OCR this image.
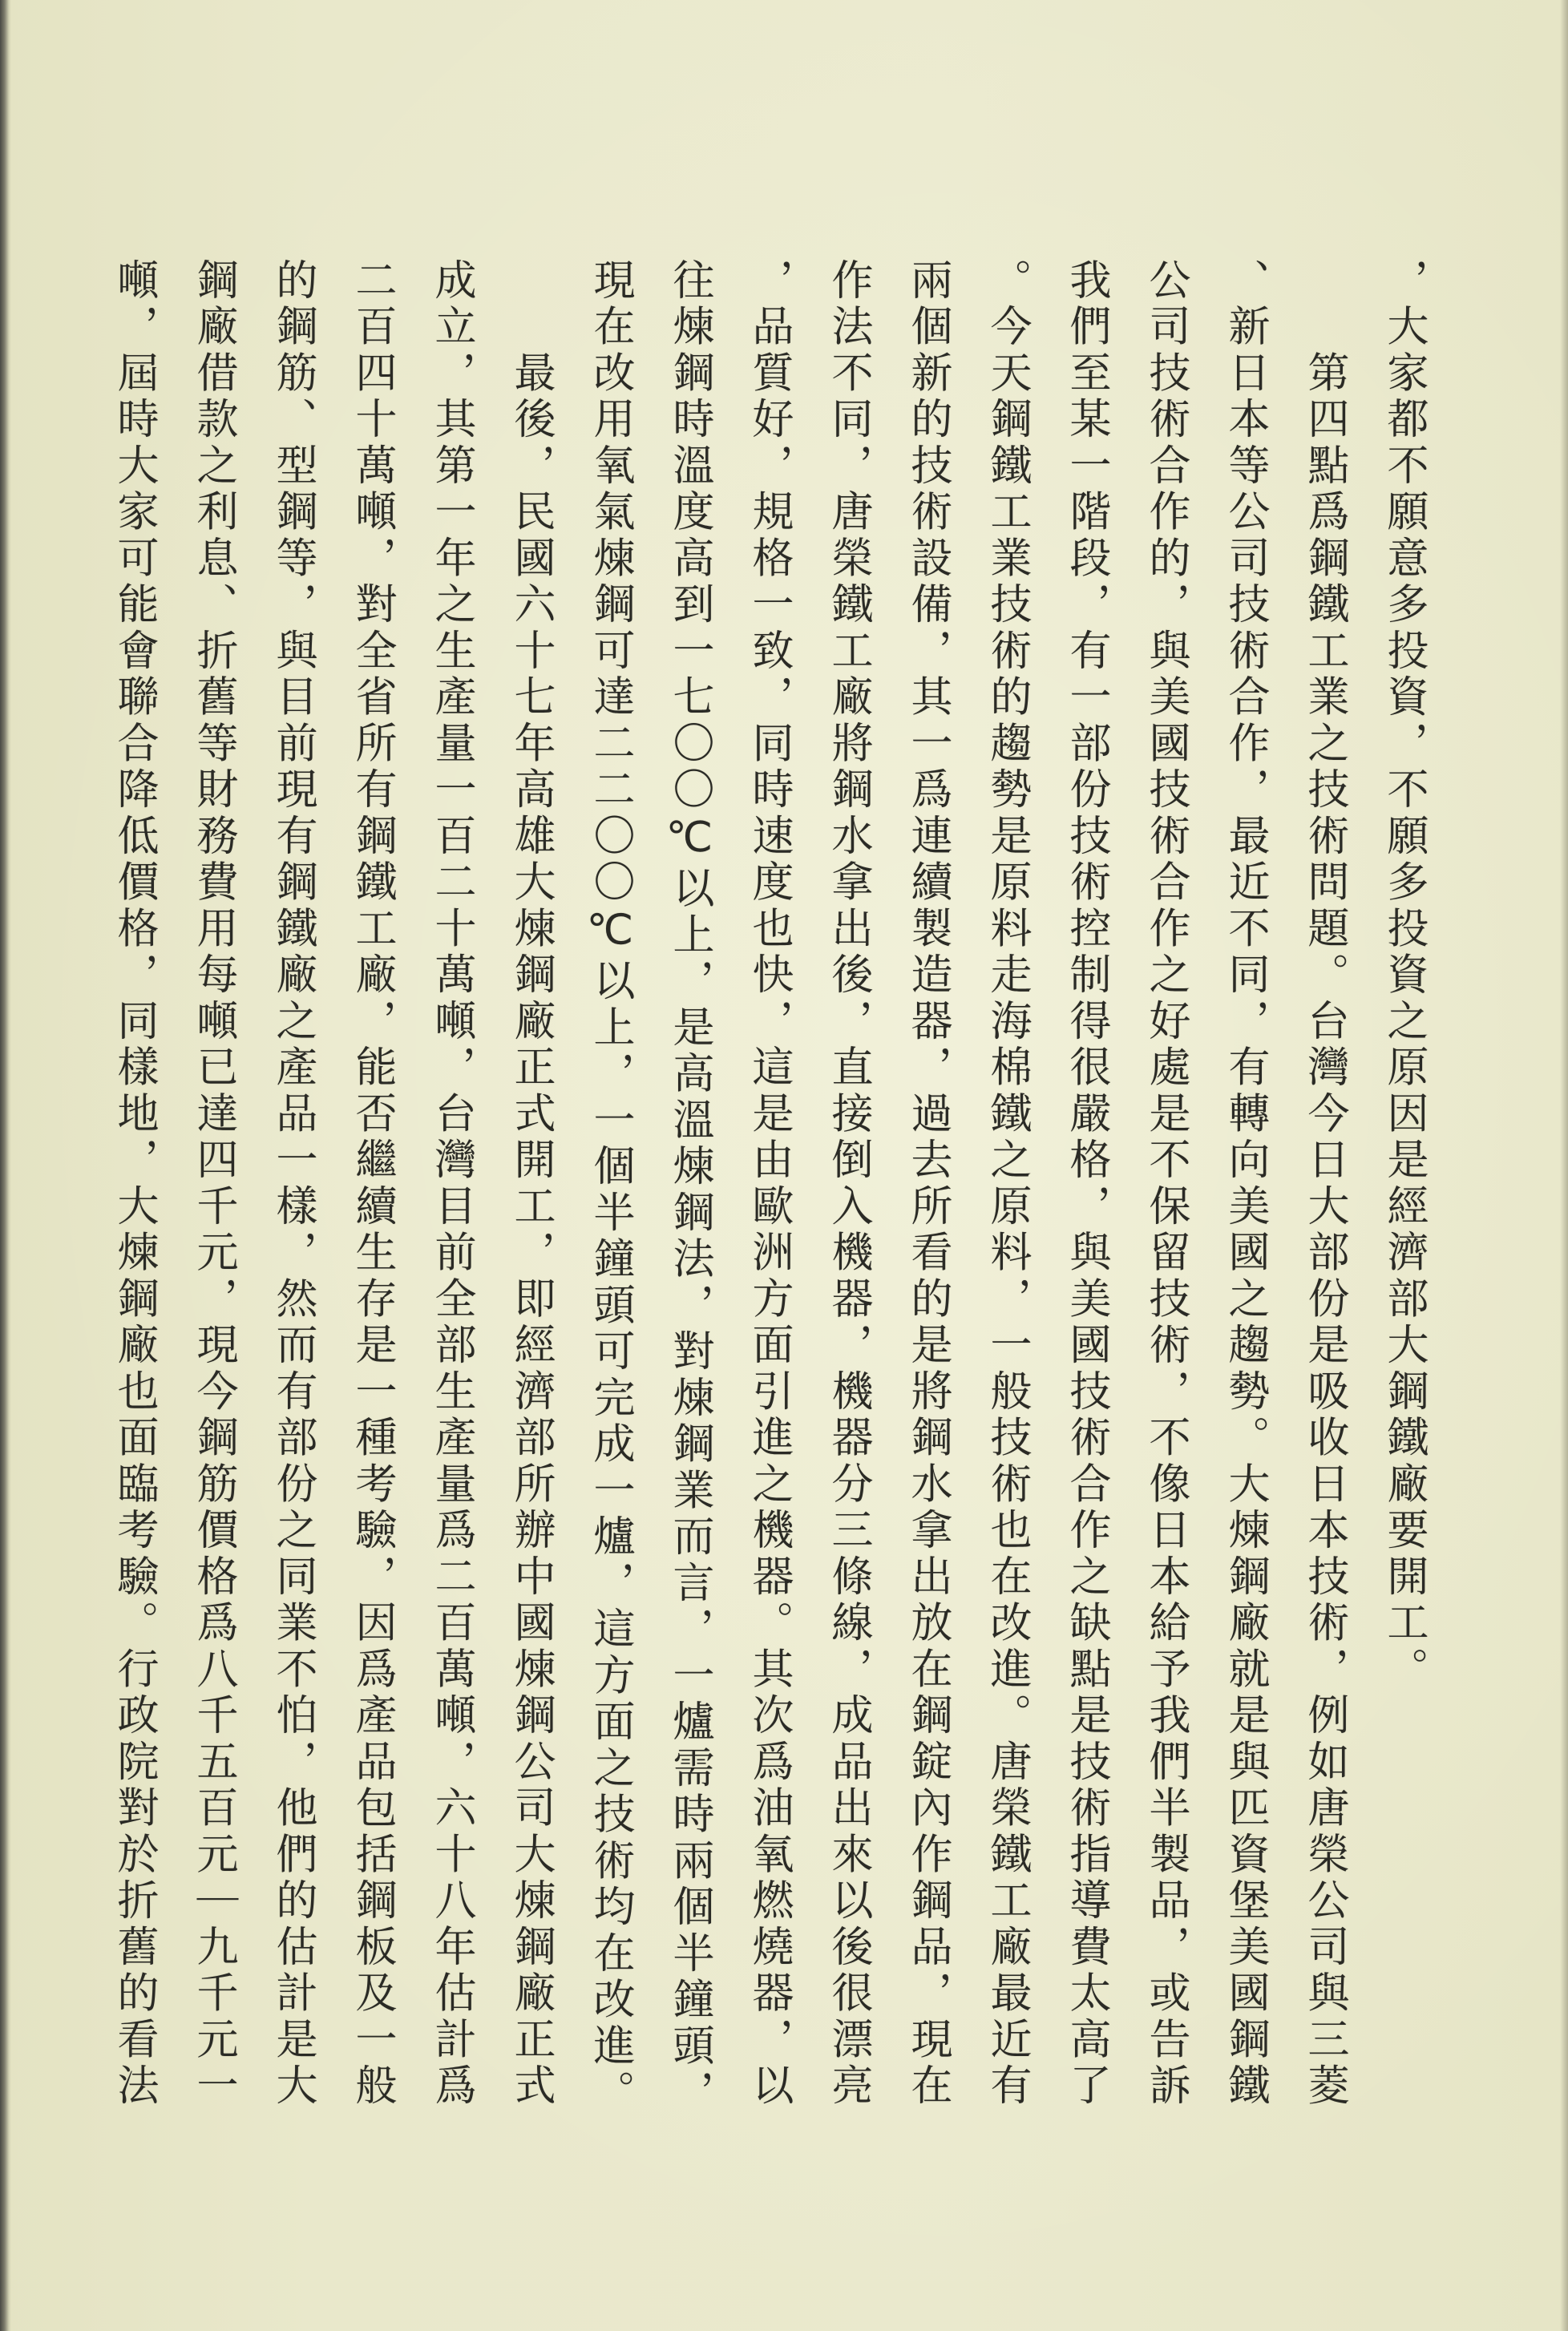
，大家都不願意多投資，不願多投資之原因是經濟部大鋼鐵廠要開工。
　　第四點爲鋼鐵工業之技術問題。台灣今日大部份是吸收日本技術，例如唐榮公司與三菱
、新日本等公司技術合作，最近不同，有轉向美國之趨勢。大煉鋼廠就是與匹資堡美國鋼鐵
公司技術合作的，與美國技術合作之好處是不保留技術，不像日本給予我們半製品，或告訴
我們至某一階段，有一部份技術控制得很嚴格，與美國技術合作之缺點是技術指導費太高了
。今天鋼鐵工業技術的趨勢是原料走海棉鐵之原料，一般技術也在改進。唐榮鐵工廠最近有
兩個新的技術設備，其一爲連續製造器，過去所看的是將鋼水拿出放在鋼錠內作鋼品，現在
作法不同，唐榮鐵工廠將鋼水拿出後，直接倒入機器，機器分三條線，成品出來以後很漂亮
，品質好，規格一致，同時速度也快，這是由歐洲方面引進之機器。其次爲油氧燃燒器，以
往煉鋼時溫度高到一七〇〇℃以上，是高溫煉鋼法，對煉鋼業而言，一爐需時兩個半鐘頭，
現在改用氧氣煉鋼可達二二〇〇℃以上，一個半鐘頭可完成一爐，這方面之技術均在改進。
　　最後，民國六十七年高雄大煉鋼廠正式開工，即經濟部所辦中國煉鋼公司大煉鋼廠正式
成立，其第一年之生產量一百二十萬噸，台灣目前全部生產量爲二百萬噸，六十八年估計爲
二百四十萬噸，對全省所有鋼鐵工廠，能否繼續生存是一種考驗，因爲產品包括鋼板及一般
的鋼筋、型鋼等，與目前現有鋼鐵廠之產品一樣，然而有部份之同業不怕，他們的估計是大
鋼廠借款之利息、折舊等財務費用每噸已達四千元，現今鋼筋價格爲八千五百元｜九千元一
噸，屆時大家可能會聯合降低價格，同樣地，大煉鋼廠也面臨考驗。行政院對於折舊的看法
